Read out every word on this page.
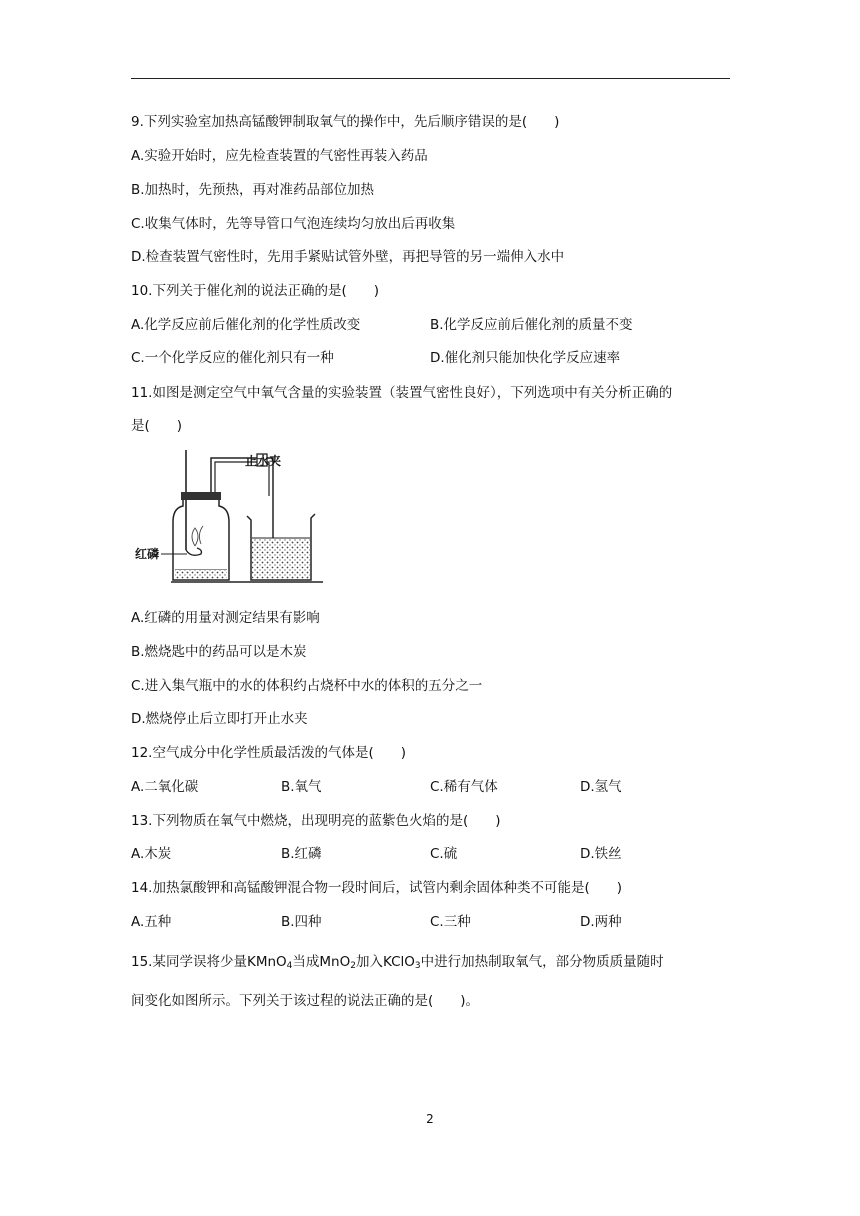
9.下列实验室加热高锰酸钾制取氧气的操作中，先后顺序错误的是(　　)
A.实验开始时，应先检查装置的气密性再装入药品
B.加热时，先预热，再对准药品部位加热
C.收集气体时，先等导管口气泡连续均匀放出后再收集
D.检查装置气密性时，先用手紧贴试管外壁，再把导管的另一端伸入水中
10.下列关于催化剂的说法正确的是(　　)
A.化学反应前后催化剂的化学性质改变	B.化学反应前后催化剂的质量不变
C.一个化学反应的催化剂只有一种	D.催化剂只能加快化学反应速率
11.如图是测定空气中氧气含量的实验装置（装置气密性良好），下列选项中有关分析正确的
是(　　)
止水夹
红磷
A.红磷的用量对测定结果有影响
B.燃烧匙中的药品可以是木炭
C.进入集气瓶中的水的体积约占烧杯中水的体积的五分之一
D.燃烧停止后立即打开止水夹
12.空气成分中化学性质最活泼的气体是(　　)
A.二氧化碳	B.氧气	C.稀有气体	D.氢气
13.下列物质在氧气中燃烧，出现明亮的蓝紫色火焰的是(　　)
A.木炭	B.红磷	C.硫	D.铁丝
14.加热氯酸钾和高锰酸钾混合物一段时间后，试管内剩余固体种类不可能是(　　)
A.五种	B.四种	C.三种	D.两种
15.某同学误将少量KMnO$_4$当成MnO$_2$加入KClO$_3$中进行加热制取氧气，部分物质质量随时
间变化如图所示。下列关于该过程的说法正确的是(　　)。
2
